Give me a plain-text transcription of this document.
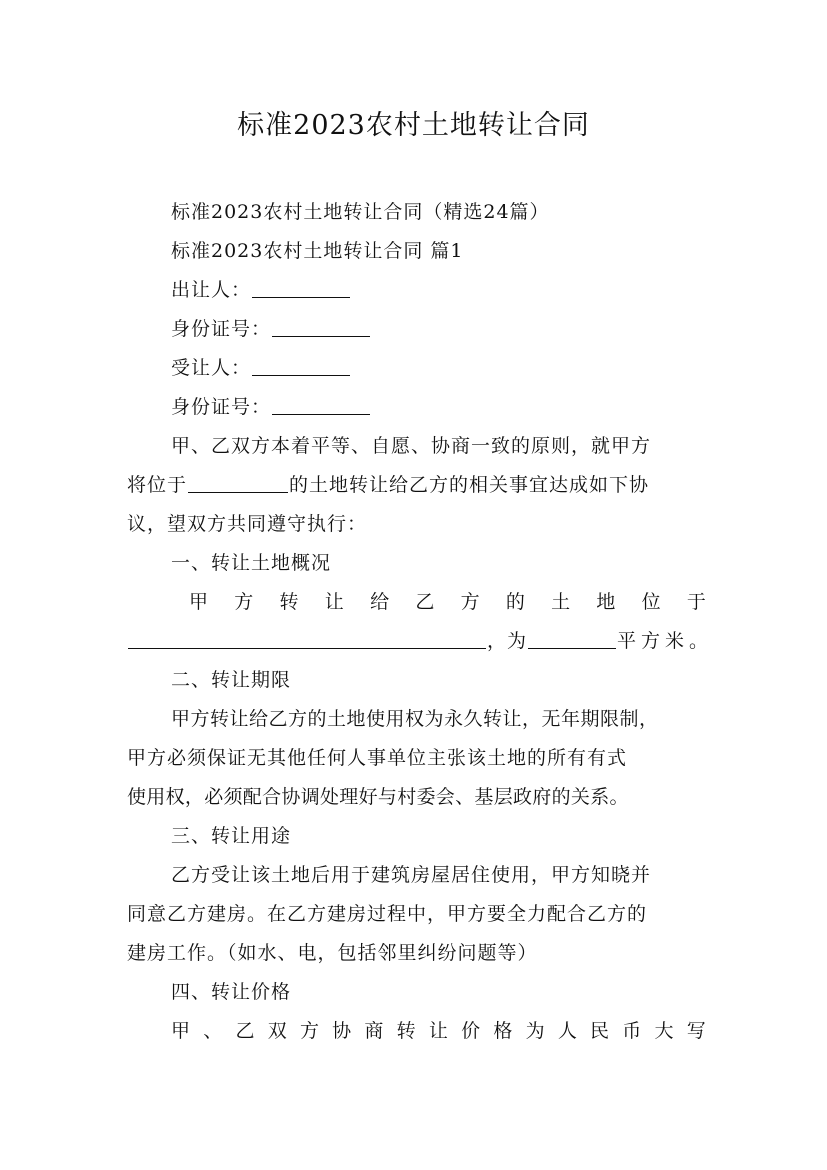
标准2023农村土地转让合同
标准2023农村土地转让合同（精选24篇）
标准2023农村土地转让合同 篇1
出让人：
身份证号：
受让人：
身份证号：
甲、乙双方本着平等、自愿、协商一致的原则，就甲方
将位于	的土地转让给乙方的相关事宜达成如下协
议，望双方共同遵守执行：
一、转让土地概况
甲 方 转 让 给 乙 方 的 土 地 位 于
，为	平方米。
二、转让期限
甲方转让给乙方的土地使用权为永久转让，无年期限制，
甲方必须保证无其他任何人事单位主张该土地的所有有式
使用权，必须配合协调处理好与村委会、基层政府的关系。
三、转让用途
乙方受让该土地后用于建筑房屋居住使用，甲方知晓并
同意乙方建房。在乙方建房过程中，甲方要全力配合乙方的
建房工作。（如水、电，包括邻里纠纷问题等）
四、转让价格
甲 、 乙 双 方 协 商 转 让 价 格 为 人 民 币 大 写
